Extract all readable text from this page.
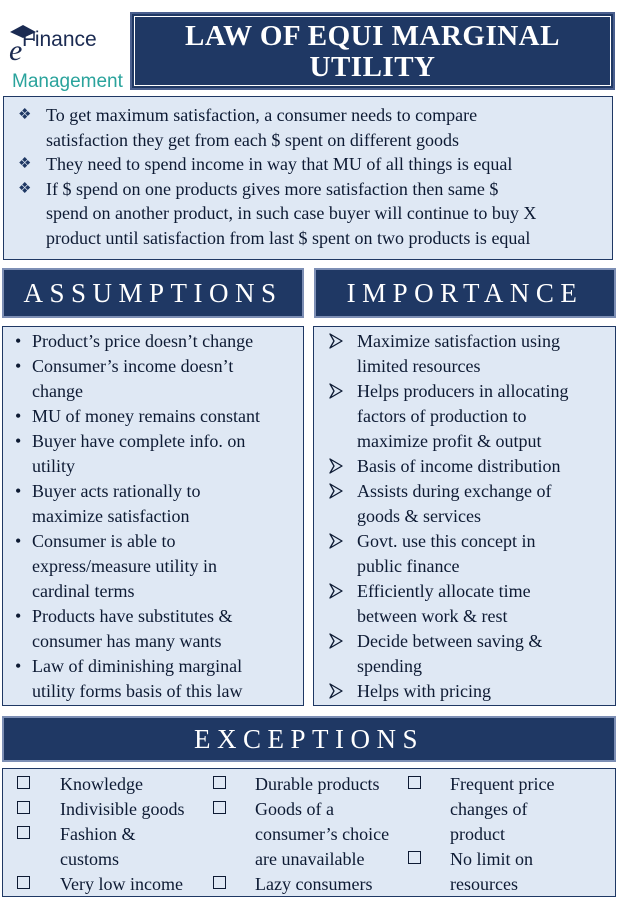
e Finance
Management
LAW OF EQUI MARGINAL
UTILITY
❖ To get maximum satisfaction, a consumer needs to compare
satisfaction they get from each $ spent on different goods
❖ They need to spend income in way that MU of all things is equal
❖ If $ spend on one products gives more satisfaction then same $
spend on another product, in such case buyer will continue to buy X
product until satisfaction from last $ spent on two products is equal
ASSUMPTIONS
• Product’s price doesn’t change
• Consumer’s income doesn’t
change
• MU of money remains constant
• Buyer have complete info. on
utility
• Buyer acts rationally to
maximize satisfaction
• Consumer is able to
express/measure utility in
cardinal terms
• Products have substitutes &
consumer has many wants
• Law of diminishing marginal
utility forms basis of this law
IMPORTANCE
Maximize satisfaction using
limited resources
Helps producers in allocating
factors of production to
maximize profit & output
Basis of income distribution
Assists during exchange of
goods & services
Govt. use this concept in
public finance
Efficiently allocate time
between work & rest
Decide between saving &
spending
Helps with pricing
EXCEPTIONS
Knowledge
Indivisible goods
Fashion &
customs
Very low income
Durable products
Goods of a
consumer’s choice
are unavailable
Lazy consumers
Frequent price
changes of
product
No limit on
resources
